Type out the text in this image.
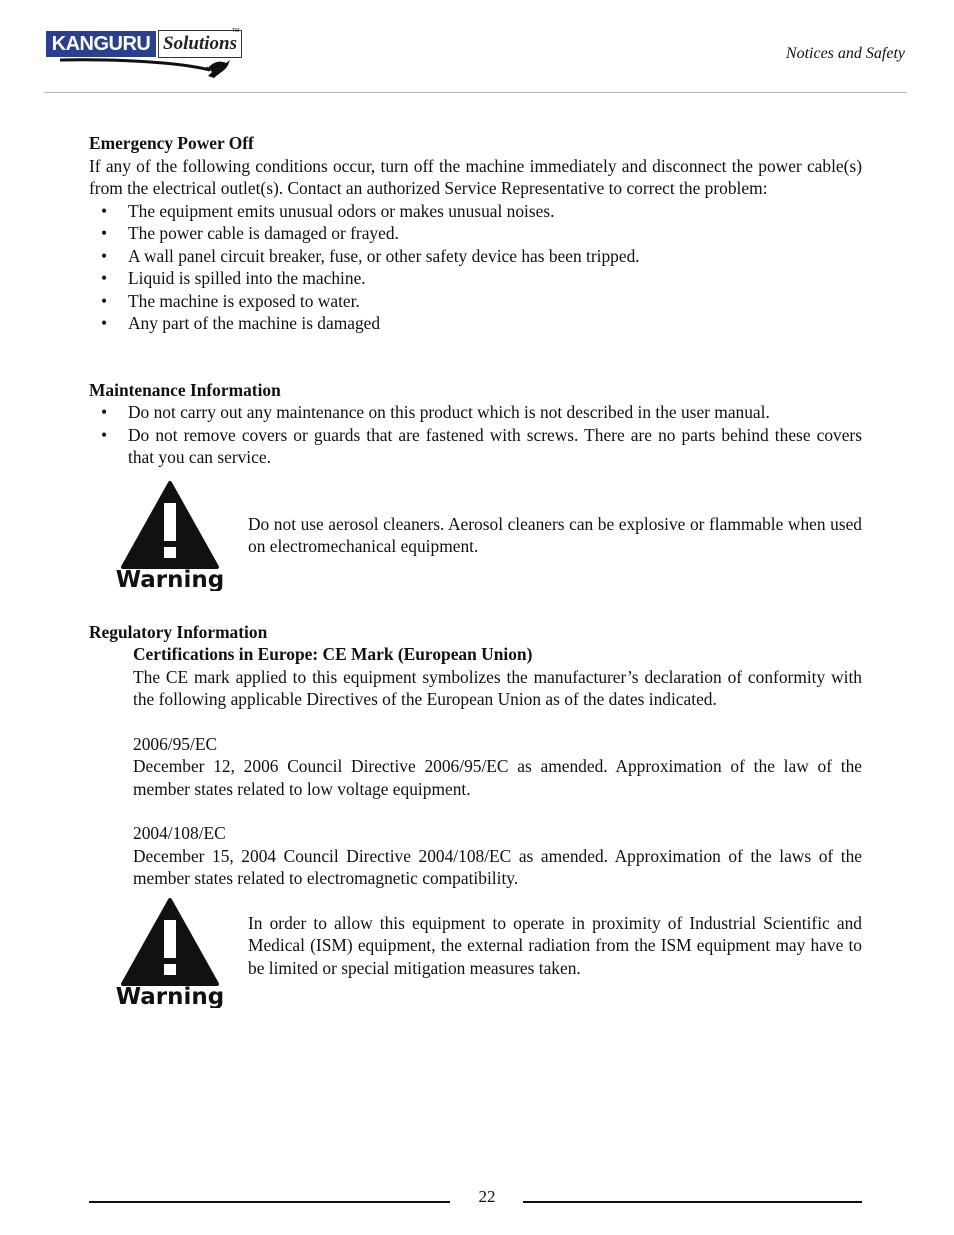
KANGURU Solutions
TM
Notices and Safety
Emergency Power Off
If any of the following conditions occur, turn off the machine immediately and disconnect the power cable(s) from the electrical outlet(s). Contact an authorized Service Representative to correct the problem:
• The equipment emits unusual odors or makes unusual noises.
• The power cable is damaged or frayed.
• A wall panel circuit breaker, fuse, or other safety device has been tripped.
• Liquid is spilled into the machine.
• The machine is exposed to water.
• Any part of the machine is damaged
Maintenance Information
• Do not carry out any maintenance on this product which is not described in the user manual.
• Do not remove covers or guards that are fastened with screws. There are no parts behind these covers that you can service.
Warning
Do not use aerosol cleaners. Aerosol cleaners can be explosive or flammable when used on electromechanical equipment.
Regulatory Information
Certifications in Europe: CE Mark (European Union)
The CE mark applied to this equipment symbolizes the manufacturer’s declaration of conformity with the following applicable Directives of the European Union as of the dates indicated.
2006/95/EC
December 12, 2006 Council Directive 2006/95/EC as amended. Approximation of the law of the member states related to low voltage equipment.
2004/108/EC
December 15, 2004 Council Directive 2004/108/EC as amended. Approximation of the laws of the member states related to electromagnetic compatibility.
Warning
In order to allow this equipment to operate in proximity of Industrial Scientific and Medical (ISM) equipment, the external radiation from the ISM equipment may have to be limited or special mitigation measures taken.
22
